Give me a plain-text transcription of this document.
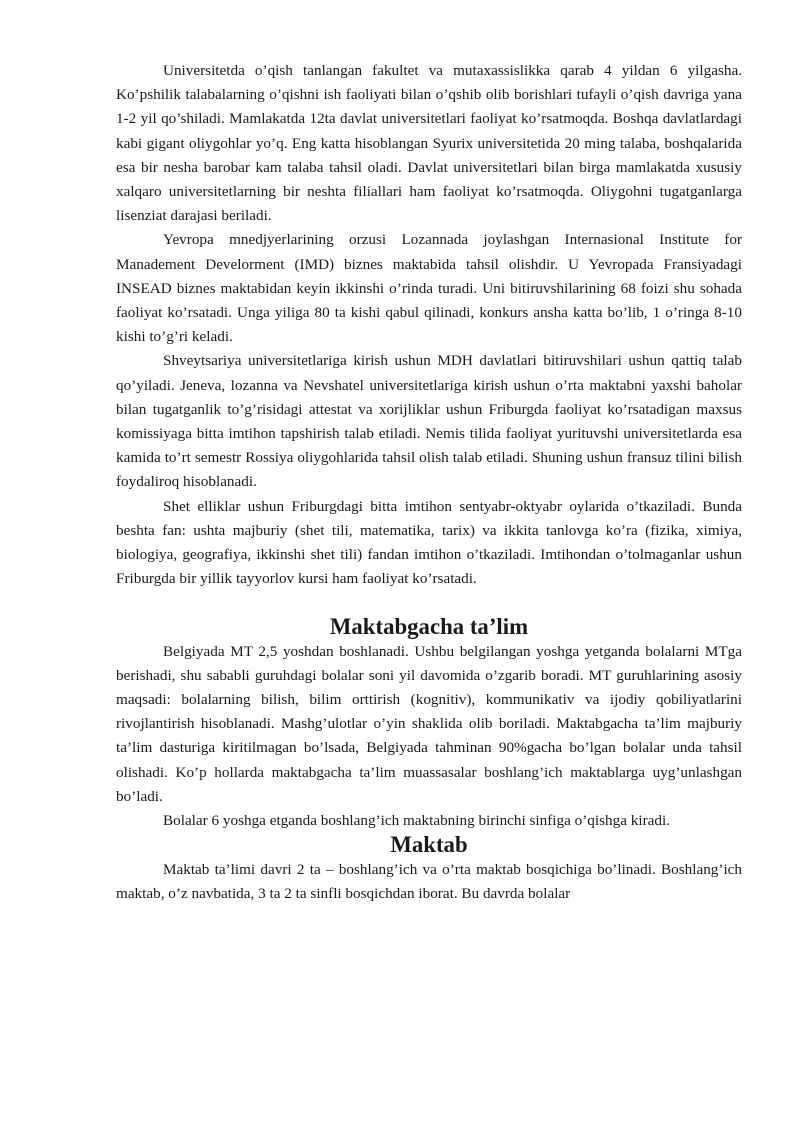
Universitetda o’qish tanlangan fakultet va mutaxassislikka qarab 4 yildan 6 yilgasha. Ko’pshilik talabalarning o’qishni ish faoliyati bilan o’qshib olib borishlari tufayli o’qish davriga yana 1-2 yil qo’shiladi. Mamlakatda 12ta davlat universitetlari faoliyat ko’rsatmoqda. Boshqa davlatlardagi kabi gigant oliygohlar yo’q. Eng katta hisoblangan Syurix universitetida 20 ming talaba, boshqalarida esa bir nesha barobar kam talaba tahsil oladi. Davlat universitetlari bilan birga mamlakatda xususiy xalqaro universitetlarning bir neshta filiallari ham faoliyat ko’rsatmoqda. Oliygohni tugatganlarga lisenziat darajasi beriladi.

Yevropa mnedjyerlarining orzusi Lozannada joylashgan Internasional Institute for Manadement Develorment (IMD) biznes maktabida tahsil olishdir. U Yevropada Fransiyadagi INSEAD biznes maktabidan keyin ikkinshi o’rinda turadi. Uni bitiruvshilarining 68 foizi shu sohada faoliyat ko’rsatadi. Unga yiliga 80 ta kishi qabul qilinadi, konkurs ansha katta bo’lib, 1 o’ringa 8-10 kishi to’g’ri keladi.

Shveytsariya universitetlariga kirish ushun MDH davlatlari bitiruvshilari ushun qattiq talab qo’yiladi. Jeneva, lozanna va Nevshatel universitetlariga kirish ushun o’rta maktabni yaxshi baholar bilan tugatganlik to’g’risidagi attestat va xorijliklar ushun Friburgda faoliyat ko’rsatadigan maxsus komissiyaga bitta imtihon tapshirish talab etiladi. Nemis tilida faoliyat yurituvshi universitetlarda esa kamida to’rt semestr Rossiya oliygohlarida tahsil olish talab etiladi. Shuning ushun fransuz tilini bilish foydaliroq hisoblanadi.

Shet elliklar ushun Friburgdagi bitta imtihon sentyabr-oktyabr oylarida o’tkaziladi. Bunda beshta fan: ushta majburiy (shet tili, matematika, tarix) va ikkita tanlovga ko’ra (fizika, ximiya, biologiya, geografiya, ikkinshi shet tili) fandan imtihon o’tkaziladi. Imtihondan o’tolmaganlar ushun Friburgda bir yillik tayyorlov kursi ham faoliyat ko’rsatadi.

Maktabgacha ta’lim

Belgiyada MT 2,5 yoshdan boshlanadi. Ushbu belgilangan yoshga yetganda bolalarni MTga berishadi, shu sababli guruhdagi bolalar soni yil davomida o’zgarib boradi. MT guruhlarining asosiy maqsadi: bolalarning bilish, bilim orttirish (kognitiv), kommunikativ va ijodiy qobiliyatlarini rivojlantirish hisoblanadi. Mashg’ulotlar o’yin shaklida olib boriladi. Maktabgacha ta’lim majburiy ta’lim dasturiga kiritilmagan bo’lsada, Belgiyada tahminan 90%gacha bo’lgan bolalar unda tahsil olishadi. Ko’p hollarda maktabgacha ta’lim muassasalar boshlang’ich maktablarga uyg’unlashgan bo’ladi.

Bolalar 6 yoshga etganda boshlang’ich maktabning birinchi sinfiga o’qishga kiradi.

Maktab

Maktab ta’limi davri 2 ta – boshlang’ich va o’rta maktab bosqichiga bo’linadi. Boshlang’ich maktab, o’z navbatida, 3 ta 2 ta sinfli bosqichdan iborat. Bu davrda bolalar
